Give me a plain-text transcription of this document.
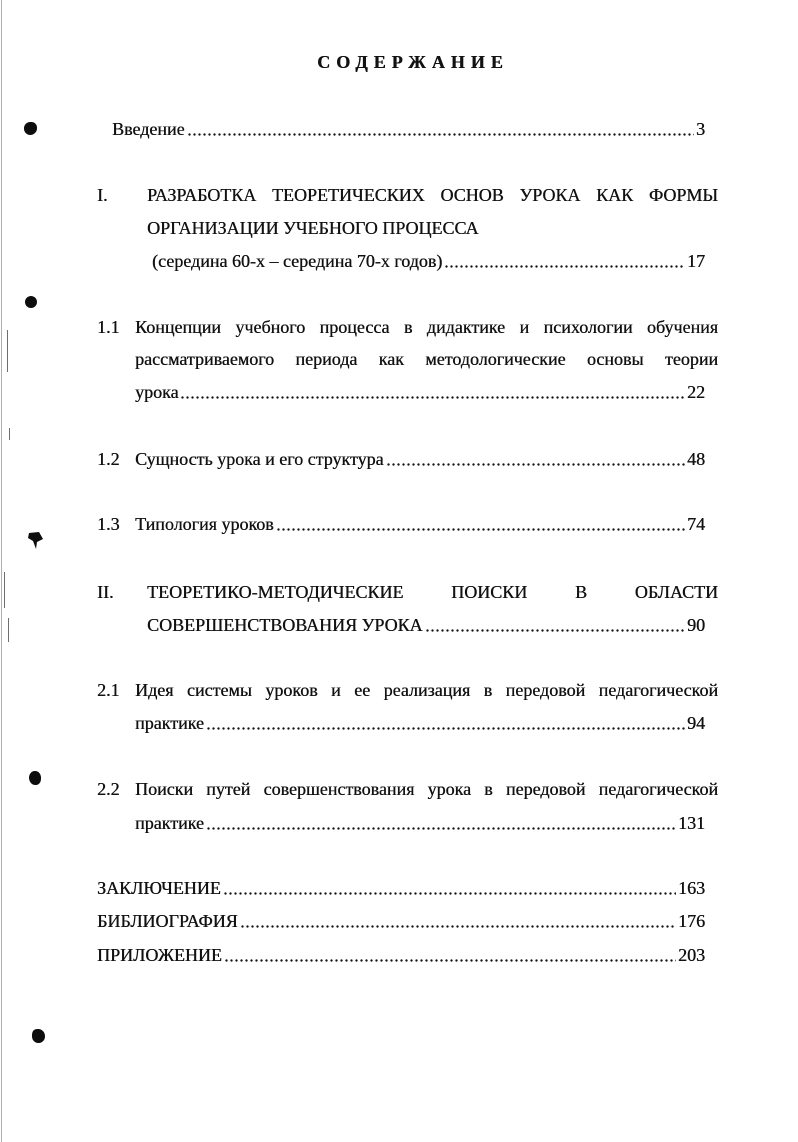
СОДЕРЖАНИЕ
Введение	3
I. РАЗРАБОТКА ТЕОРЕТИЧЕСКИХ ОСНОВ УРОКА КАК ФОРМЫ
ОРГАНИЗАЦИИ УЧЕБНОГО ПРОЦЕССА
(середина 60-х – середина 70-х годов)	17
1.1 Концепции учебного процесса в дидактике и психологии обучения
рассматриваемого периода как методологические основы теории
урока	22
1.2 Сущность урока и его структура	48
1.3 Типология уроков	74
II. ТЕОРЕТИКО-МЕТОДИЧЕСКИЕ ПОИСКИ В ОБЛАСТИ
СОВЕРШЕНСТВОВАНИЯ УРОКА	90
2.1 Идея системы уроков и ее реализация в передовой педагогической
практике	94
2.2 Поиски путей совершенствования урока в передовой педагогической
практике	131
ЗАКЛЮЧЕНИЕ	163
БИБЛИОГРАФИЯ	176
ПРИЛОЖЕНИЕ	203
